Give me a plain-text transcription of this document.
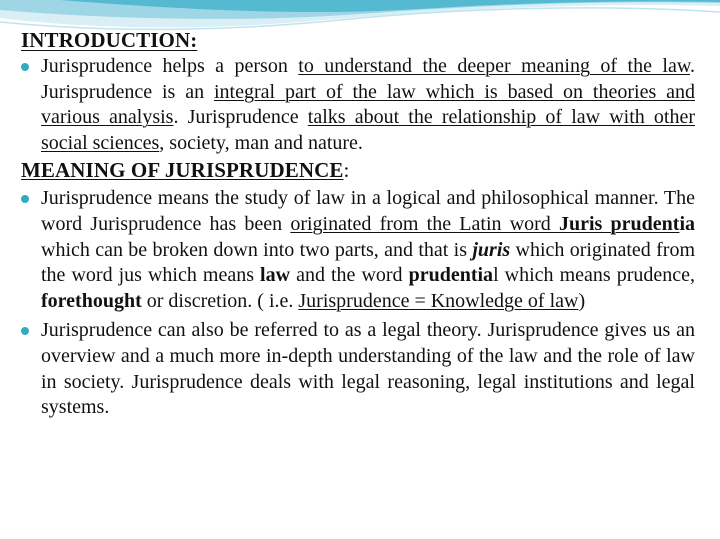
INTRODUCTION:
Jurisprudence helps a person to understand the deeper meaning of the law. Jurisprudence is an integral part of the law which is based on theories and various analysis. Jurisprudence talks about the relationship of law with other social sciences, society, man and nature.
MEANING OF JURISPRUDENCE:
Jurisprudence means the study of law in a logical and philosophical manner. The word Jurisprudence has been originated from the Latin word Juris prudentia which can be broken down into two parts, and that is juris which originated from the word jus which means law and the word prudential which means prudence, forethought or discretion. ( i.e. Jurisprudence = Knowledge of law)
Jurisprudence can also be referred to as a legal theory. Jurisprudence gives us an overview and a much more in-depth understanding of the law and the role of law in society. Jurisprudence deals with legal reasoning, legal institutions and legal systems.
